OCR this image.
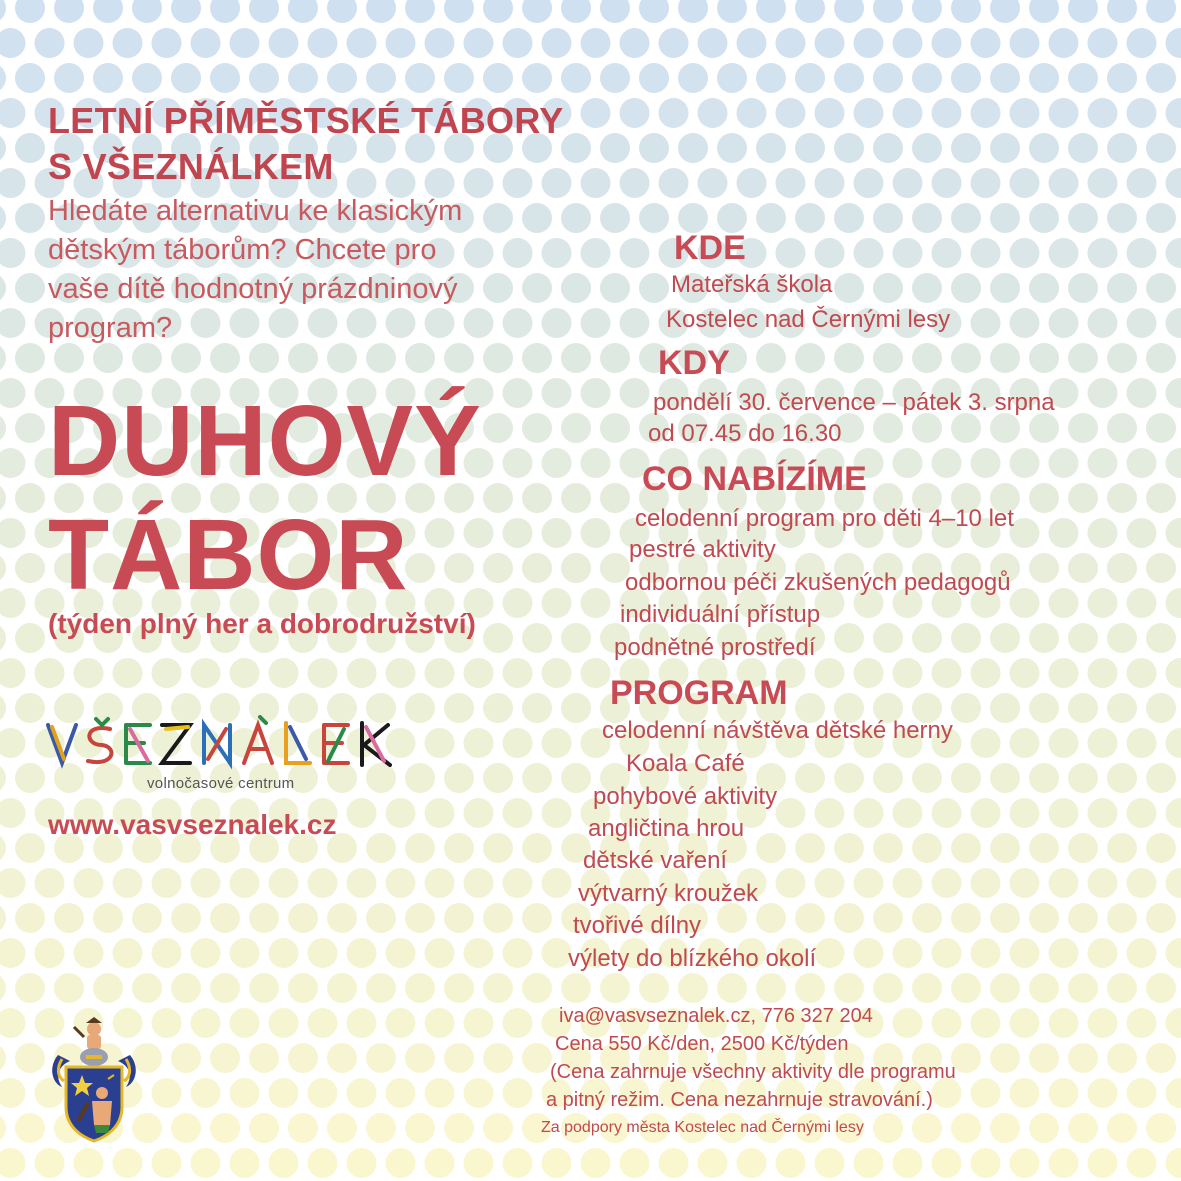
LETNÍ PŘÍMĚSTSKÉ TÁBORY
S VŠEZNÁLKEM
Hledáte alternativu ke klasickým
dětským táborům? Chcete pro
vaše dítě hodnotný prázdninový
program?
DUHOVÝ
TÁBOR
(týden plný her a dobrodružství)
volnočasové centrum
www.vasvseznalek.cz
KDE
Mateřská škola
Kostelec nad Černými lesy
KDY
pondělí 30. července – pátek 3. srpna
od 07.45 do 16.30
CO NABÍZÍME
celodenní program pro děti 4–10 let
pestré aktivity
odbornou péči zkušených pedagogů
individuální přístup
podnětné prostředí
PROGRAM
celodenní návštěva dětské herny
Koala Café
pohybové aktivity
angličtina hrou
dětské vaření
výtvarný kroužek
tvořivé dílny
výlety do blízkého okolí
iva@vasvseznalek.cz, 776 327 204
Cena 550 Kč/den, 2500 Kč/týden
(Cena zahrnuje všechny aktivity dle programu
a pitný režim. Cena nezahrnuje stravování.)
Za podpory města Kostelec nad Černými lesy
